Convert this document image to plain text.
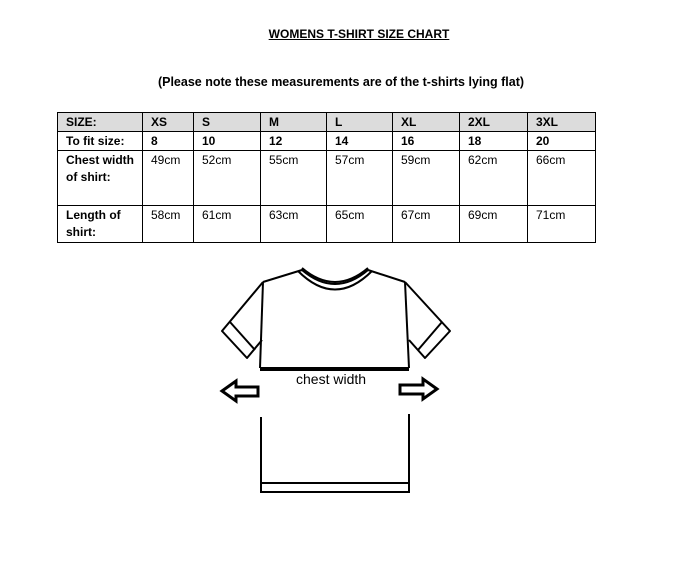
WOMENS T-SHIRT SIZE CHART
(Please note these measurements are of the t-shirts lying flat)
SIZE:	XS	S	M	L	XL	2XL	3XL
To fit size:	8	10	12	14	16	18	20
Chest width of shirt:	49cm	52cm	55cm	57cm	59cm	62cm	66cm
Length of shirt:	58cm	61cm	63cm	65cm	67cm	69cm	71cm
chest width
